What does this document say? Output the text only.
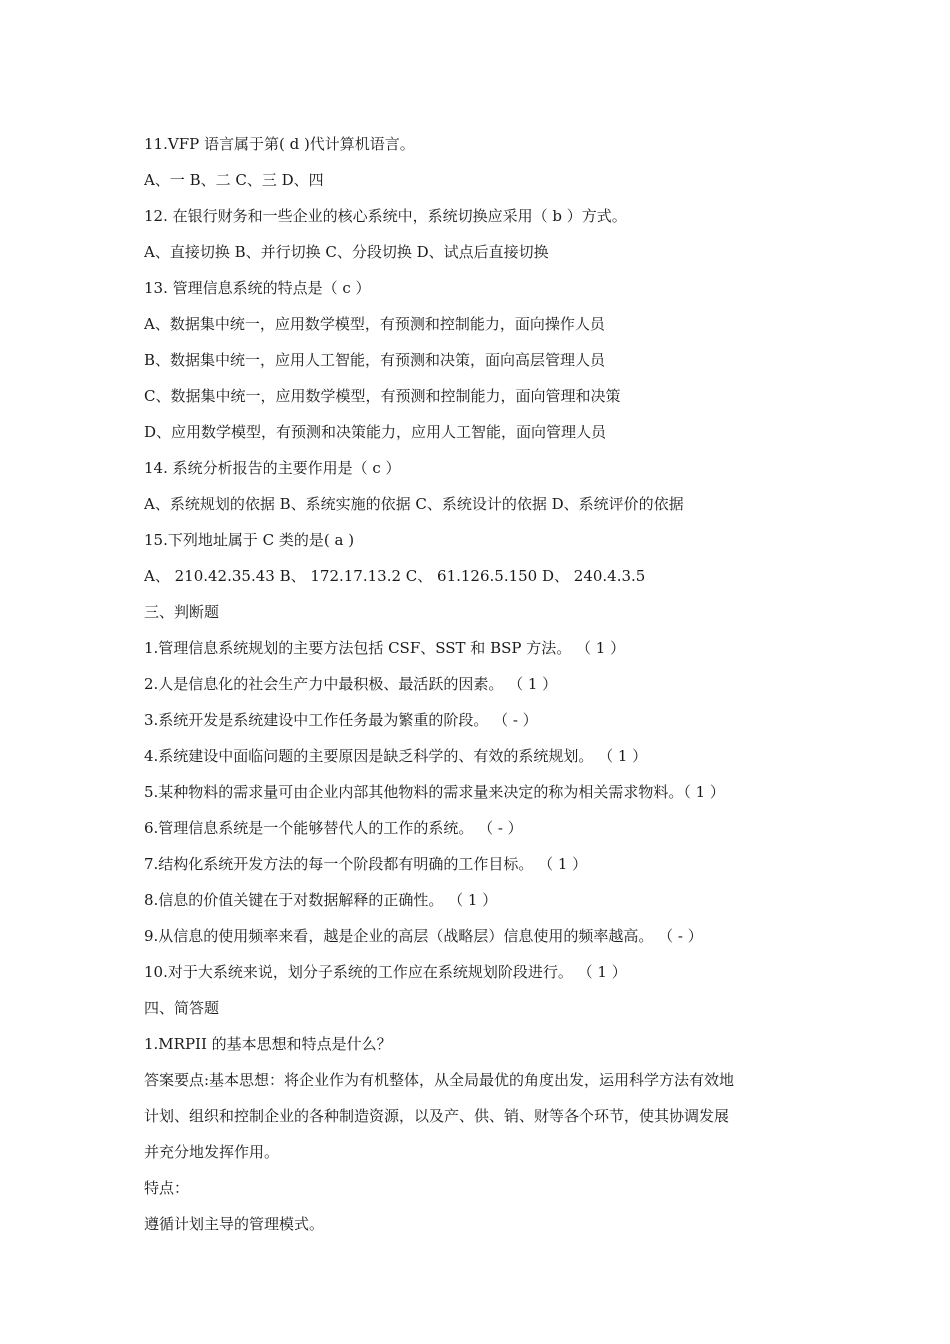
11.VFP 语言属于第( d )代计算机语言。
A、一 B、二 C、三 D、四
12. 在银行财务和一些企业的核心系统中，系统切换应采用（ b ）方式。
A、直接切换 B、并行切换 C、分段切换 D、试点后直接切换
13. 管理信息系统的特点是（ c ）
A、数据集中统一，应用数学模型，有预测和控制能力，面向操作人员
B、数据集中统一，应用人工智能，有预测和决策，面向高层管理人员
C、数据集中统一，应用数学模型，有预测和控制能力，面向管理和决策
D、应用数学模型，有预测和决策能力，应用人工智能，面向管理人员
14. 系统分析报告的主要作用是（ c ）
A、系统规划的依据 B、系统实施的依据 C、系统设计的依据 D、系统评价的依据
15.下列地址属于 C 类的是( a )
A、 210.42.35.43 B、 172.17.13.2 C、 61.126.5.150 D、 240.4.3.5
三、判断题
1.管理信息系统规划的主要方法包括 CSF、SST 和 BSP 方法。 （ 1 ）
2.人是信息化的社会生产力中最积极、最活跃的因素。 （ 1 ）
3.系统开发是系统建设中工作任务最为繁重的阶段。 （ - ）
4.系统建设中面临问题的主要原因是缺乏科学的、有效的系统规划。 （ 1 ）
5.某种物料的需求量可由企业内部其他物料的需求量来决定的称为相关需求物料。（ 1 ）
6.管理信息系统是一个能够替代人的工作的系统。 （ - ）
7.结构化系统开发方法的每一个阶段都有明确的工作目标。 （ 1 ）
8.信息的价值关键在于对数据解释的正确性。 （ 1 ）
9.从信息的使用频率来看，越是企业的高层（战略层）信息使用的频率越高。 （ - ）
10.对于大系统来说，划分子系统的工作应在系统规划阶段进行。 （ 1 ）
四、简答题
1.MRPII 的基本思想和特点是什么？
答案要点:基本思想：将企业作为有机整体，从全局最优的角度出发，运用科学方法有效地
计划、组织和控制企业的各种制造资源，以及产、供、销、财等各个环节，使其协调发展
并充分地发挥作用。
特点：
遵循计划主导的管理模式。
